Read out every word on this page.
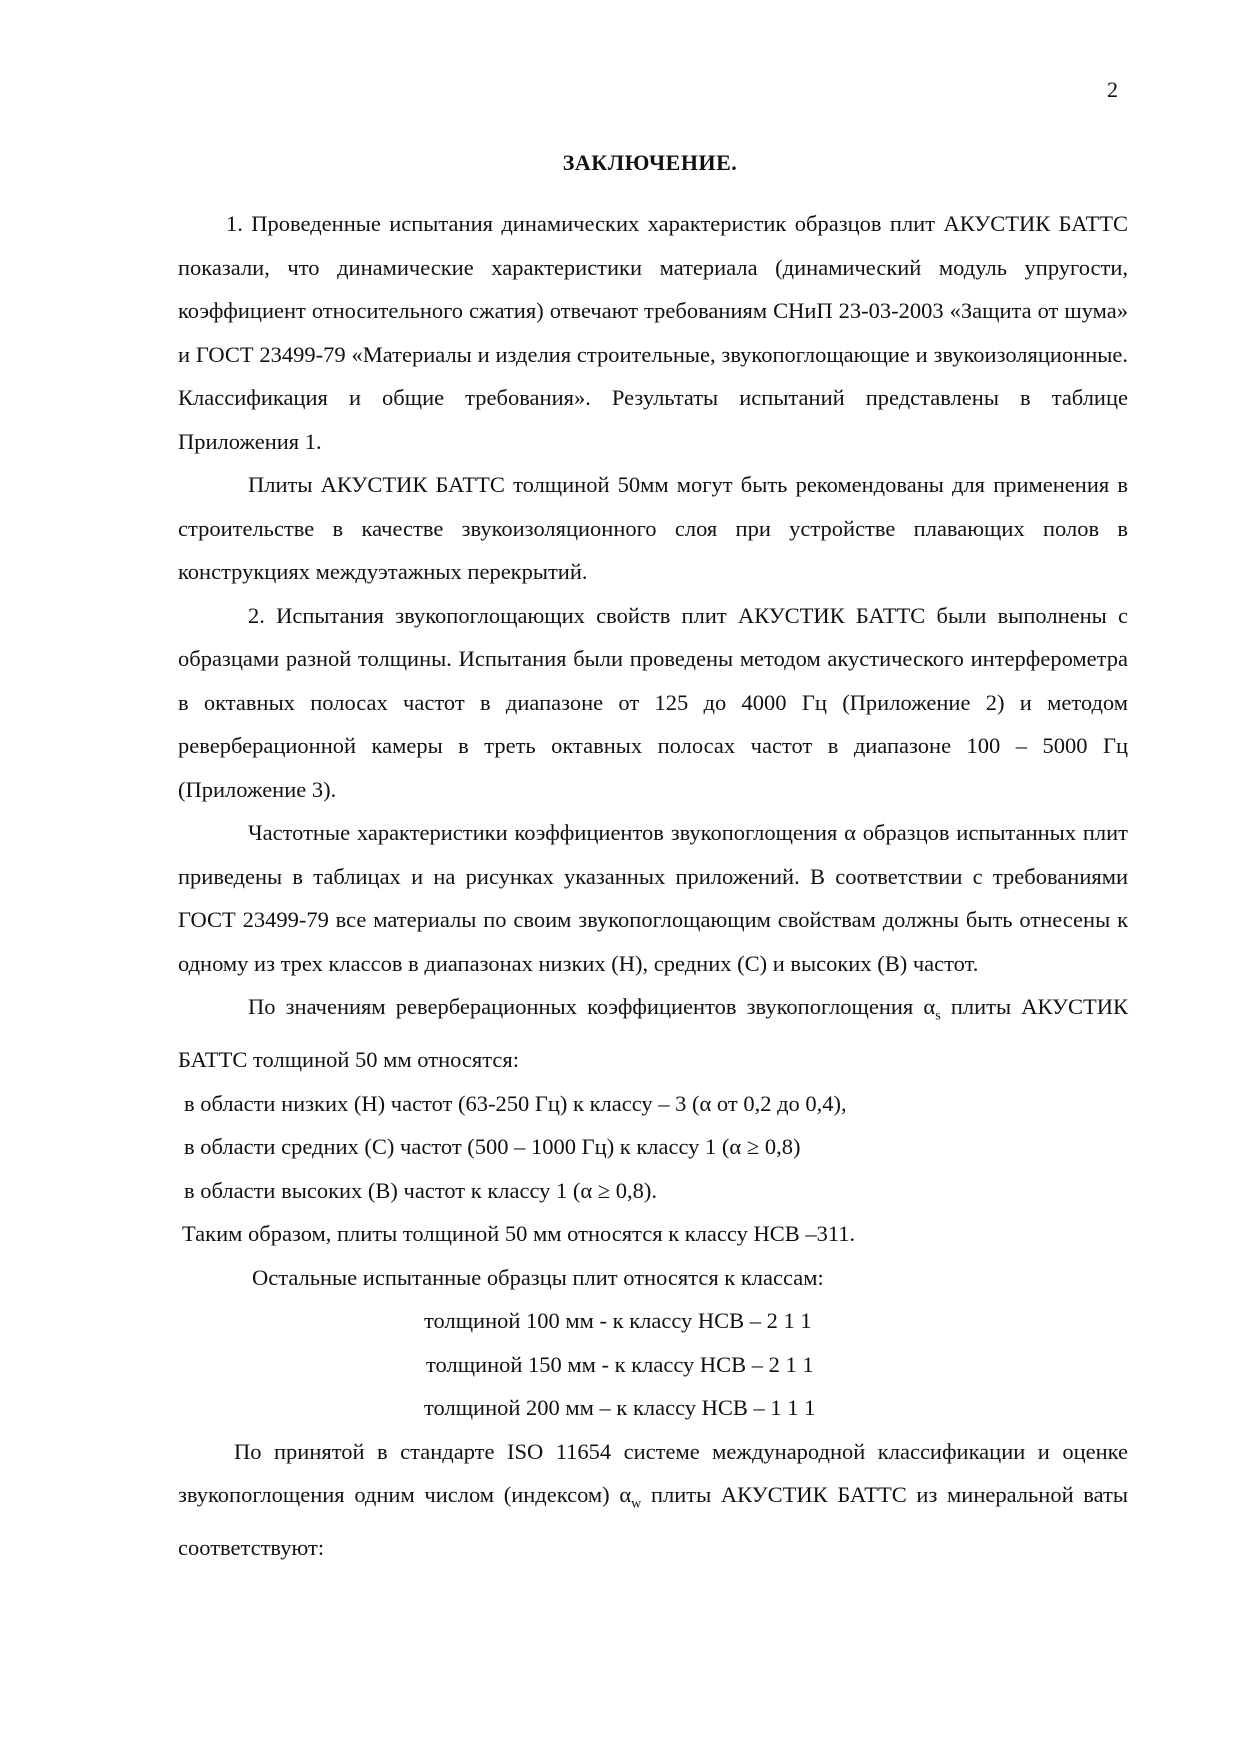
2
ЗАКЛЮЧЕНИЕ.

1. Проведенные испытания динамических характеристик образцов плит АКУСТИК БАТТС показали, что динамические характеристики материала (динамический модуль упругости, коэффициент относительного сжатия) отвечают требованиям СНиП 23-03-2003 «Защита от шума» и ГОСТ 23499-79 «Материалы и изделия строительные, звукопоглощающие и звукоизоляционные. Классификация и общие требования». Результаты испытаний представлены в таблице Приложения 1.

Плиты АКУСТИК БАТТС толщиной 50мм могут быть рекомендованы для применения в строительстве в качестве звукоизоляционного слоя при устройстве плавающих полов в конструкциях междуэтажных перекрытий.

2. Испытания звукопоглощающих свойств плит АКУСТИК БАТТС были выполнены с образцами разной толщины. Испытания были проведены методом акустического интерферометра в октавных полосах частот в диапазоне от 125 до 4000 Гц (Приложение 2) и методом реверберационной камеры в треть октавных полосах частот в диапазоне 100 – 5000 Гц (Приложение 3).

Частотные характеристики коэффициентов звукопоглощения α образцов испытанных плит приведены в таблицах и на рисунках указанных приложений. В соответствии с требованиями ГОСТ 23499-79 все материалы по своим звукопоглощающим свойствам должны быть отнесены к одному из трех классов в диапазонах низких (Н), средних (С) и высоких (В) частот.

По значениям реверберационных коэффициентов звукопоглощения $\alpha_s$ плиты АКУСТИК БАТТС толщиной 50 мм относятся:

в области низких (Н) частот (63-250 Гц) к классу – 3 (α от 0,2 до 0,4),

в области средних (С) частот (500 – 1000 Гц) к классу 1 (α ≥ 0,8)

в области высоких (В) частот к классу 1 (α ≥ 0,8).

Таким образом, плиты толщиной 50 мм относятся к классу НСВ –311.

Остальные испытанные образцы плит относятся к классам:

толщиной 100 мм - к классу НСВ – 2 1 1

толщиной 150 мм - к классу НСВ – 2 1 1

толщиной 200 мм – к классу НСВ – 1 1 1

По принятой в стандарте ISO 11654 системе международной классификации и оценке звукопоглощения одним числом (индексом) $\alpha_w$ плиты АКУСТИК БАТТС из минеральной ваты соответствуют:
